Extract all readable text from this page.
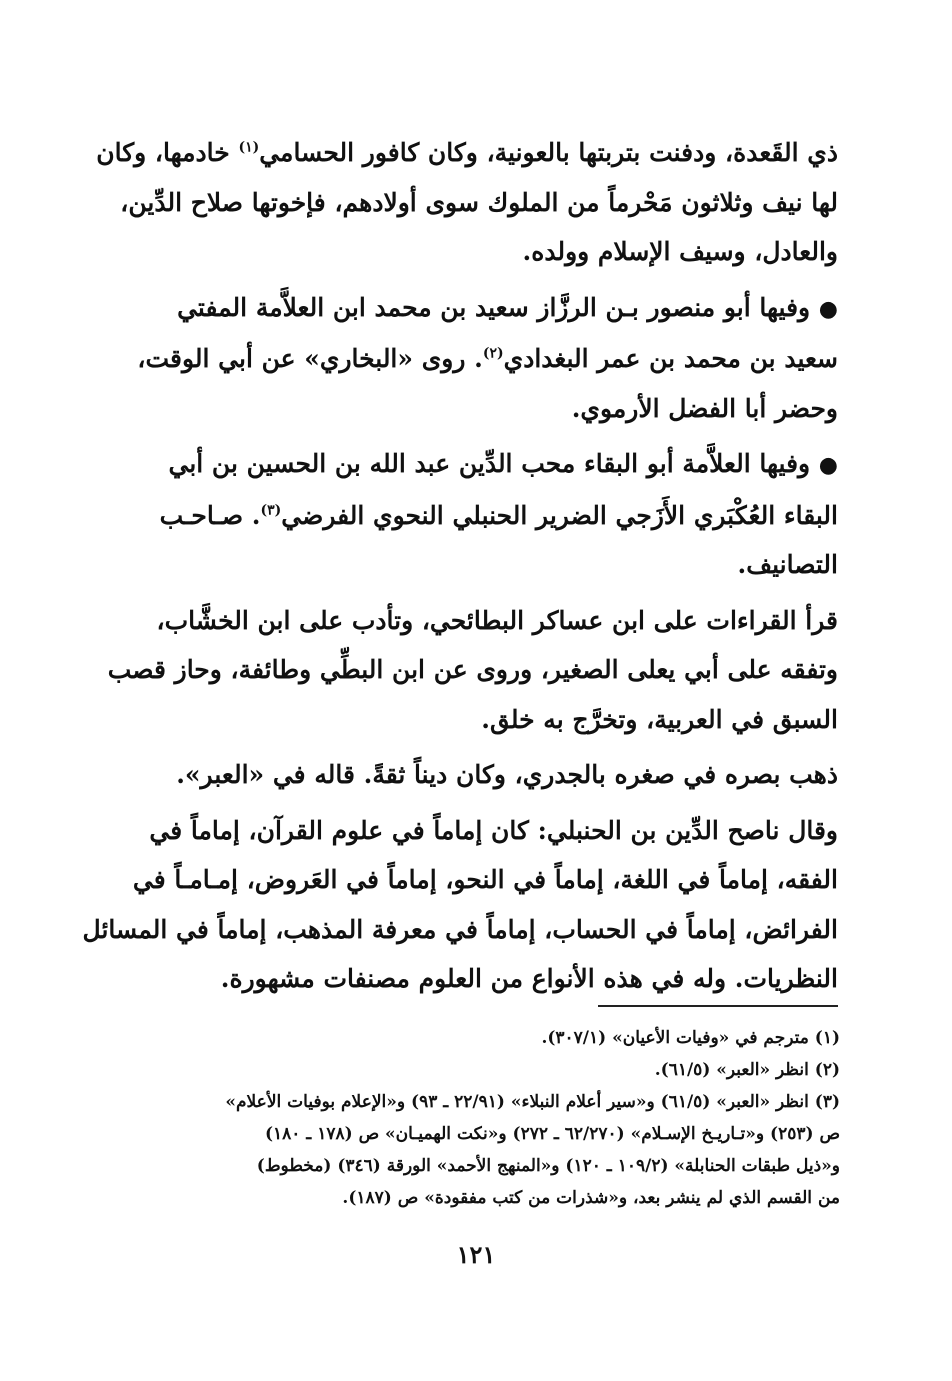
ذي القَعدة، ودفنت بتربتها بالعونية، وكان كافور الحسامي$^{(١)}$ خادمها، وكان
لها نيف وثلاثون مَحْرماً من الملوك سوى أولادهم، فإخوتها صلاح الدِّين،
والعادل، وسيف الإسلام وولده.

● وفيها أبو منصور بـن الرزَّاز سعيد بن محمد ابن العلاَّمة المفتي
سعيد بن محمد بن عمر البغدادي$^{(٢)}$. روى «البخاري» عن أبي الوقت،
وحضر أبا الفضل الأرموي.

● وفيها العلاَّمة أبو البقاء محب الدِّين عبد الله بن الحسين بن أبي
البقاء العُكْبَري الأَزَجي الضرير الحنبلي النحوي الفرضي$^{(٣)}$. صـاحـب
التصانيف.

قرأ القراءات على ابن عساكر البطائحي، وتأدب على ابن الخشَّاب،
وتفقه على أبي يعلى الصغير، وروى عن ابن البطِّي وطائفة، وحاز قصب
السبق في العربية، وتخرَّج به خلق.

ذهب بصره في صغره بالجدري، وكان ديناً ثقةً. قاله في «العبر».

وقال ناصح الدِّين بن الحنبلي: كان إماماً في علوم القرآن، إماماً في
الفقه، إماماً في اللغة، إماماً في النحو، إماماً في العَروض، إمـامـاً في
الفرائض، إماماً في الحساب، إماماً في معرفة المذهب، إماماً في المسائل
النظريات. وله في هذه الأنواع من العلوم مصنفات مشهورة.

(١) مترجم في «وفيات الأعيان» (٣٠٧/١).
(٢) انظر «العبر» (٦١/٥).
(٣) انظر «العبر» (٦١/٥) و«سير أعلام النبلاء» (٢٢/٩١ ـ ٩٣) و«الإعلام بوفيات الأعلام»
ص (٢٥٣) و«تـاريـخ الإسـلام» (٦٢/٢٧٠ ـ ٢٧٢) و«نكت الهميـان» ص (١٧٨ ـ ١٨٠)
و«ذيل طبقات الحنابلة» (١٠٩/٢ ـ ١٢٠) و«المنهج الأحمد» الورقة (٣٤٦) (مخطوط)
من القسم الذي لم ينشر بعد، و«شذرات من كتب مفقودة» ص (١٨٧).
١٢١
